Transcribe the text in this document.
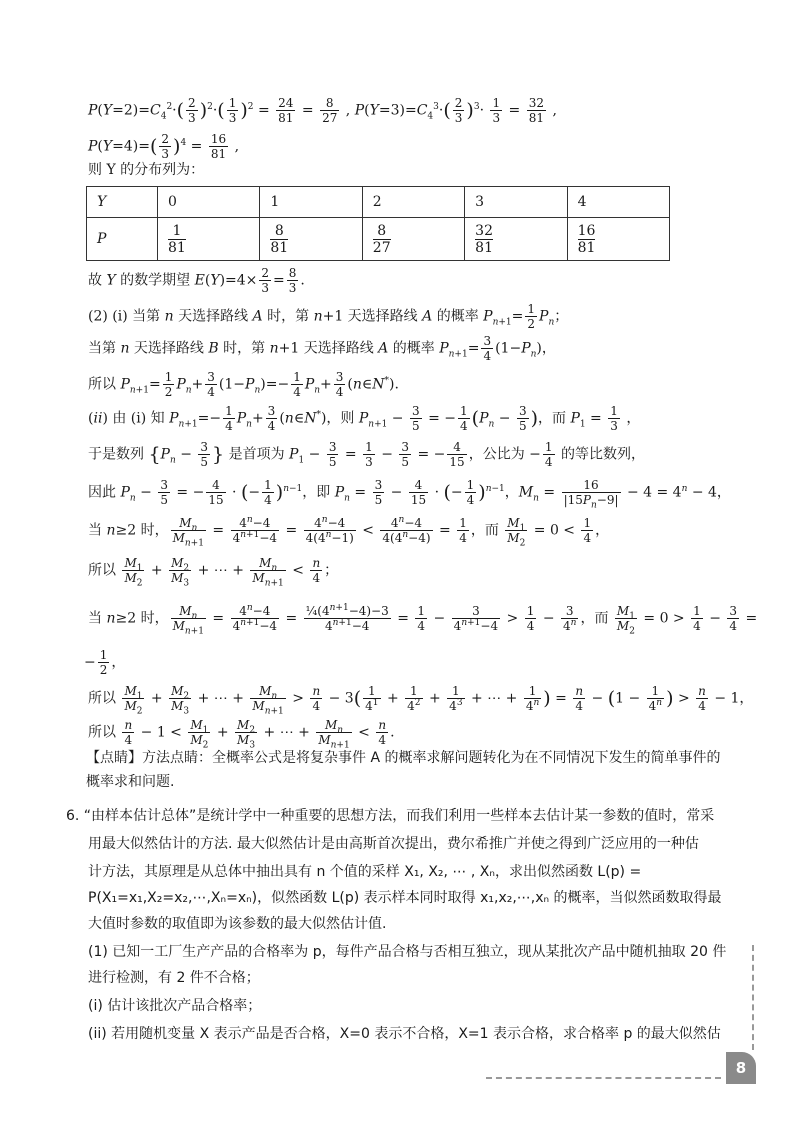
$P(Y=2)=C_4^2\cdot( \frac{2}{3} )^2\cdot( \frac{1}{3} )^2 = \frac{24}{81} = \frac{8}{27}$ , $P(Y=3)=C_4^3\cdot( \frac{2}{3} )^3\cdot \frac{1}{3} = \frac{32}{81}$ ,
$P(Y=4)=( \frac{2}{3} )^4 = \frac{16}{81}$ ,
则 Y 的分布列为：
Y	0	1	2	3	4
P	$\frac{1}{81}$	$\frac{8}{81}$	$\frac{8}{27}$	$\frac{32}{81}$	$\frac{16}{81}$
故 Y 的数学期望 $E(Y)=4\times \frac{2}{3} = \frac{8}{3}$ .
(2) (i) 当第 n 天选择路线 A 时，第 n+1 天选择路线 A 的概率 $P_{n+1}= \frac{1}{2} P_n$；
当第 n 天选择路线 B 时，第 n+1 天选择路线 A 的概率 $P_{n+1}= \frac{3}{4} (1-P_n)$，
所以 $P_{n+1}= \frac{1}{2} P_n+ \frac{3}{4} (1-P_n)=- \frac{1}{4} P_n+ \frac{3}{4}$ (n∈N*).
(ii) 由 (i) 知 $P_{n+1}=- \frac{1}{4} P_n+ \frac{3}{4}$ (n∈N*)，则 $P_{n+1} - \frac{3}{5}$ = − $\frac{1}{4} (P_n - \frac{3}{5}$ )，而 $P_1 = \frac{1}{3}$ ，
于是数列 {$P_n - \frac{3}{5}$ } 是首项为 $P_1 - \frac{3}{5} = \frac{1}{3} - \frac{3}{5}$ = − $\frac{4}{15}$ ，公比为 − $\frac{1}{4}$ 的等比数列，
因此 $P_n - \frac{3}{5}$ = − $\frac{4}{15}$ · (− $\frac{1}{4} )^{n-1}$，即 $P_n = \frac{3}{5} - \frac{4}{15}$ · (− $\frac{1}{4} )^{n-1}$，$M_n = \frac{16}{|15P_n-9|} - 4 = 4^n - 4$，
当 n≥2 时， $\frac{M_n}{M_{n+1}} = \frac{4^n-4}{4^{n+1}-4} = \frac{4^n-4}{4(4^n-1)} < \frac{4^n-4}{4(4^n-4)} = \frac{1}{4}$ ，而 $\frac{M_1}{M_2} = 0 < \frac{1}{4}$ ，
所以 $\frac{M_1}{M_2} + \frac{M_2}{M_3}$ + ⋯ + $\frac{M_n}{M_{n+1}} < \frac{n}{4}$ ；
当 n≥2 时， $\frac{M_n}{M_{n+1}} = \frac{4^n-4}{4^{n+1}-4} = \frac{\frac{1}{4}(4^{n+1}-4)-3}{4^{n+1}-4} = \frac{1}{4} - \frac{3}{4^{n+1}-4} > \frac{1}{4} - \frac{3}{4^n}$ ，而 $\frac{M_1}{M_2} = 0 > \frac{1}{4} - \frac{3}{4}$ =
− $\frac{1}{2}$ ，
所以 $\frac{M_1}{M_2} + \frac{M_2}{M_3}$ + ⋯ + $\frac{M_n}{M_{n+1}} > \frac{n}{4} - 3( \frac{1}{4^1} + \frac{1}{4^2} + \frac{1}{4^3}$ + ⋯ + $\frac{1}{4^n}$ ) = $\frac{n}{4} - (1 - \frac{1}{4^n}$ ) > $\frac{n}{4} - 1$，
所以 $\frac{n}{4} - 1 < \frac{M_1}{M_2} + \frac{M_2}{M_3}$ + ⋯ + $\frac{M_n}{M_{n+1}} < \frac{n}{4}$ .
【点睛】方法点睛：全概率公式是将复杂事件 A 的概率求解问题转化为在不同情况下发生的简单事件的
概率求和问题.
6. “由样本估计总体”是统计学中一种重要的思想方法，而我们利用一些样本去估计某一参数的值时，常采
用最大似然估计的方法. 最大似然估计是由高斯首次提出，费尔希推广并使之得到广泛应用的一种估
计方法，其原理是从总体中抽出具有 n 个值的采样 X₁, X₂, ⋯ , Xₙ，求出似然函数 L(p) =
P(X₁=x₁,X₂=x₂,⋯,Xₙ=xₙ)，似然函数 L(p) 表示样本同时取得 x₁,x₂,⋯,xₙ 的概率，当似然函数取得最
大值时参数的取值即为该参数的最大似然估计值.
(1) 已知一工厂生产产品的合格率为 p，每件产品合格与否相互独立，现从某批次产品中随机抽取 20 件
进行检测，有 2 件不合格；
(i) 估计该批次产品合格率；
(ii) 若用随机变量 X 表示产品是否合格，X=0 表示不合格，X=1 表示合格，求合格率 p 的最大似然估
8
